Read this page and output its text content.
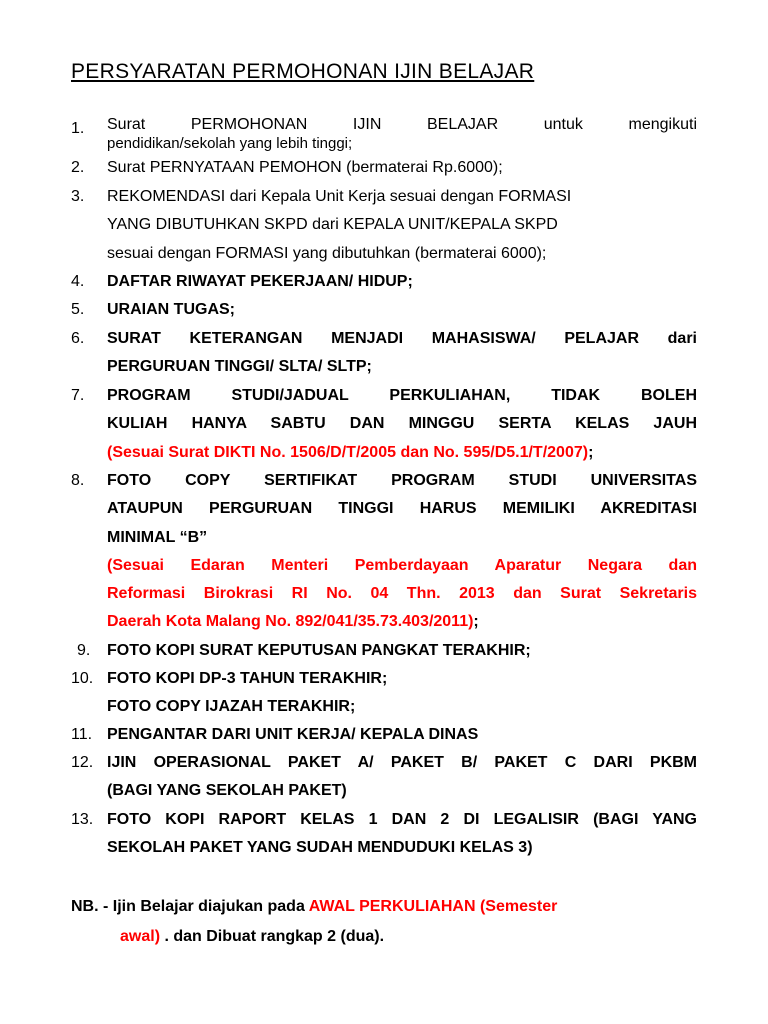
PERSYARATAN PERMOHONAN IJIN BELAJAR
1. Surat PERMOHONAN IJIN BELAJAR untuk mengikuti
pendidikan/sekolah yang lebih tinggi;
2. Surat PERNYATAAN PEMOHON (bermaterai Rp.6000);
3. REKOMENDASI dari Kepala Unit Kerja sesuai dengan FORMASI
YANG DIBUTUHKAN SKPD dari KEPALA UNIT/KEPALA SKPD
sesuai dengan FORMASI yang dibutuhkan (bermaterai 6000);
4. DAFTAR RIWAYAT PEKERJAAN/ HIDUP;
5. URAIAN TUGAS;
6. SURAT KETERANGAN MENJADI MAHASISWA/ PELAJAR dari
PERGURUAN TINGGI/ SLTA/ SLTP;
7. PROGRAM STUDI/JADUAL PERKULIAHAN, TIDAK BOLEH
KULIAH HANYA SABTU DAN MINGGU SERTA KELAS JAUH
(Sesuai Surat DIKTI No. 1506/D/T/2005 dan No. 595/D5.1/T/2007);
8. FOTO COPY SERTIFIKAT PROGRAM STUDI UNIVERSITAS
ATAUPUN PERGURUAN TINGGI HARUS MEMILIKI AKREDITASI
MINIMAL “B”
(Sesuai Edaran Menteri Pemberdayaan Aparatur Negara dan
Reformasi Birokrasi RI No. 04 Thn. 2013 dan Surat Sekretaris
Daerah Kota Malang No. 892/041/35.73.403/2011);
9. FOTO KOPI SURAT KEPUTUSAN PANGKAT TERAKHIR;
10. FOTO KOPI DP-3 TAHUN TERAKHIR;
FOTO COPY IJAZAH TERAKHIR;
11. PENGANTAR DARI UNIT KERJA/ KEPALA DINAS
12. IJIN OPERASIONAL PAKET A/ PAKET B/ PAKET C DARI PKBM
(BAGI YANG SEKOLAH PAKET)
13. FOTO KOPI RAPORT KELAS 1 DAN 2 DI LEGALISIR (BAGI YANG
SEKOLAH PAKET YANG SUDAH MENDUDUKI KELAS 3)
NB. - Ijin Belajar diajukan pada AWAL PERKULIAHAN (Semester
awal) . dan Dibuat rangkap 2 (dua).
